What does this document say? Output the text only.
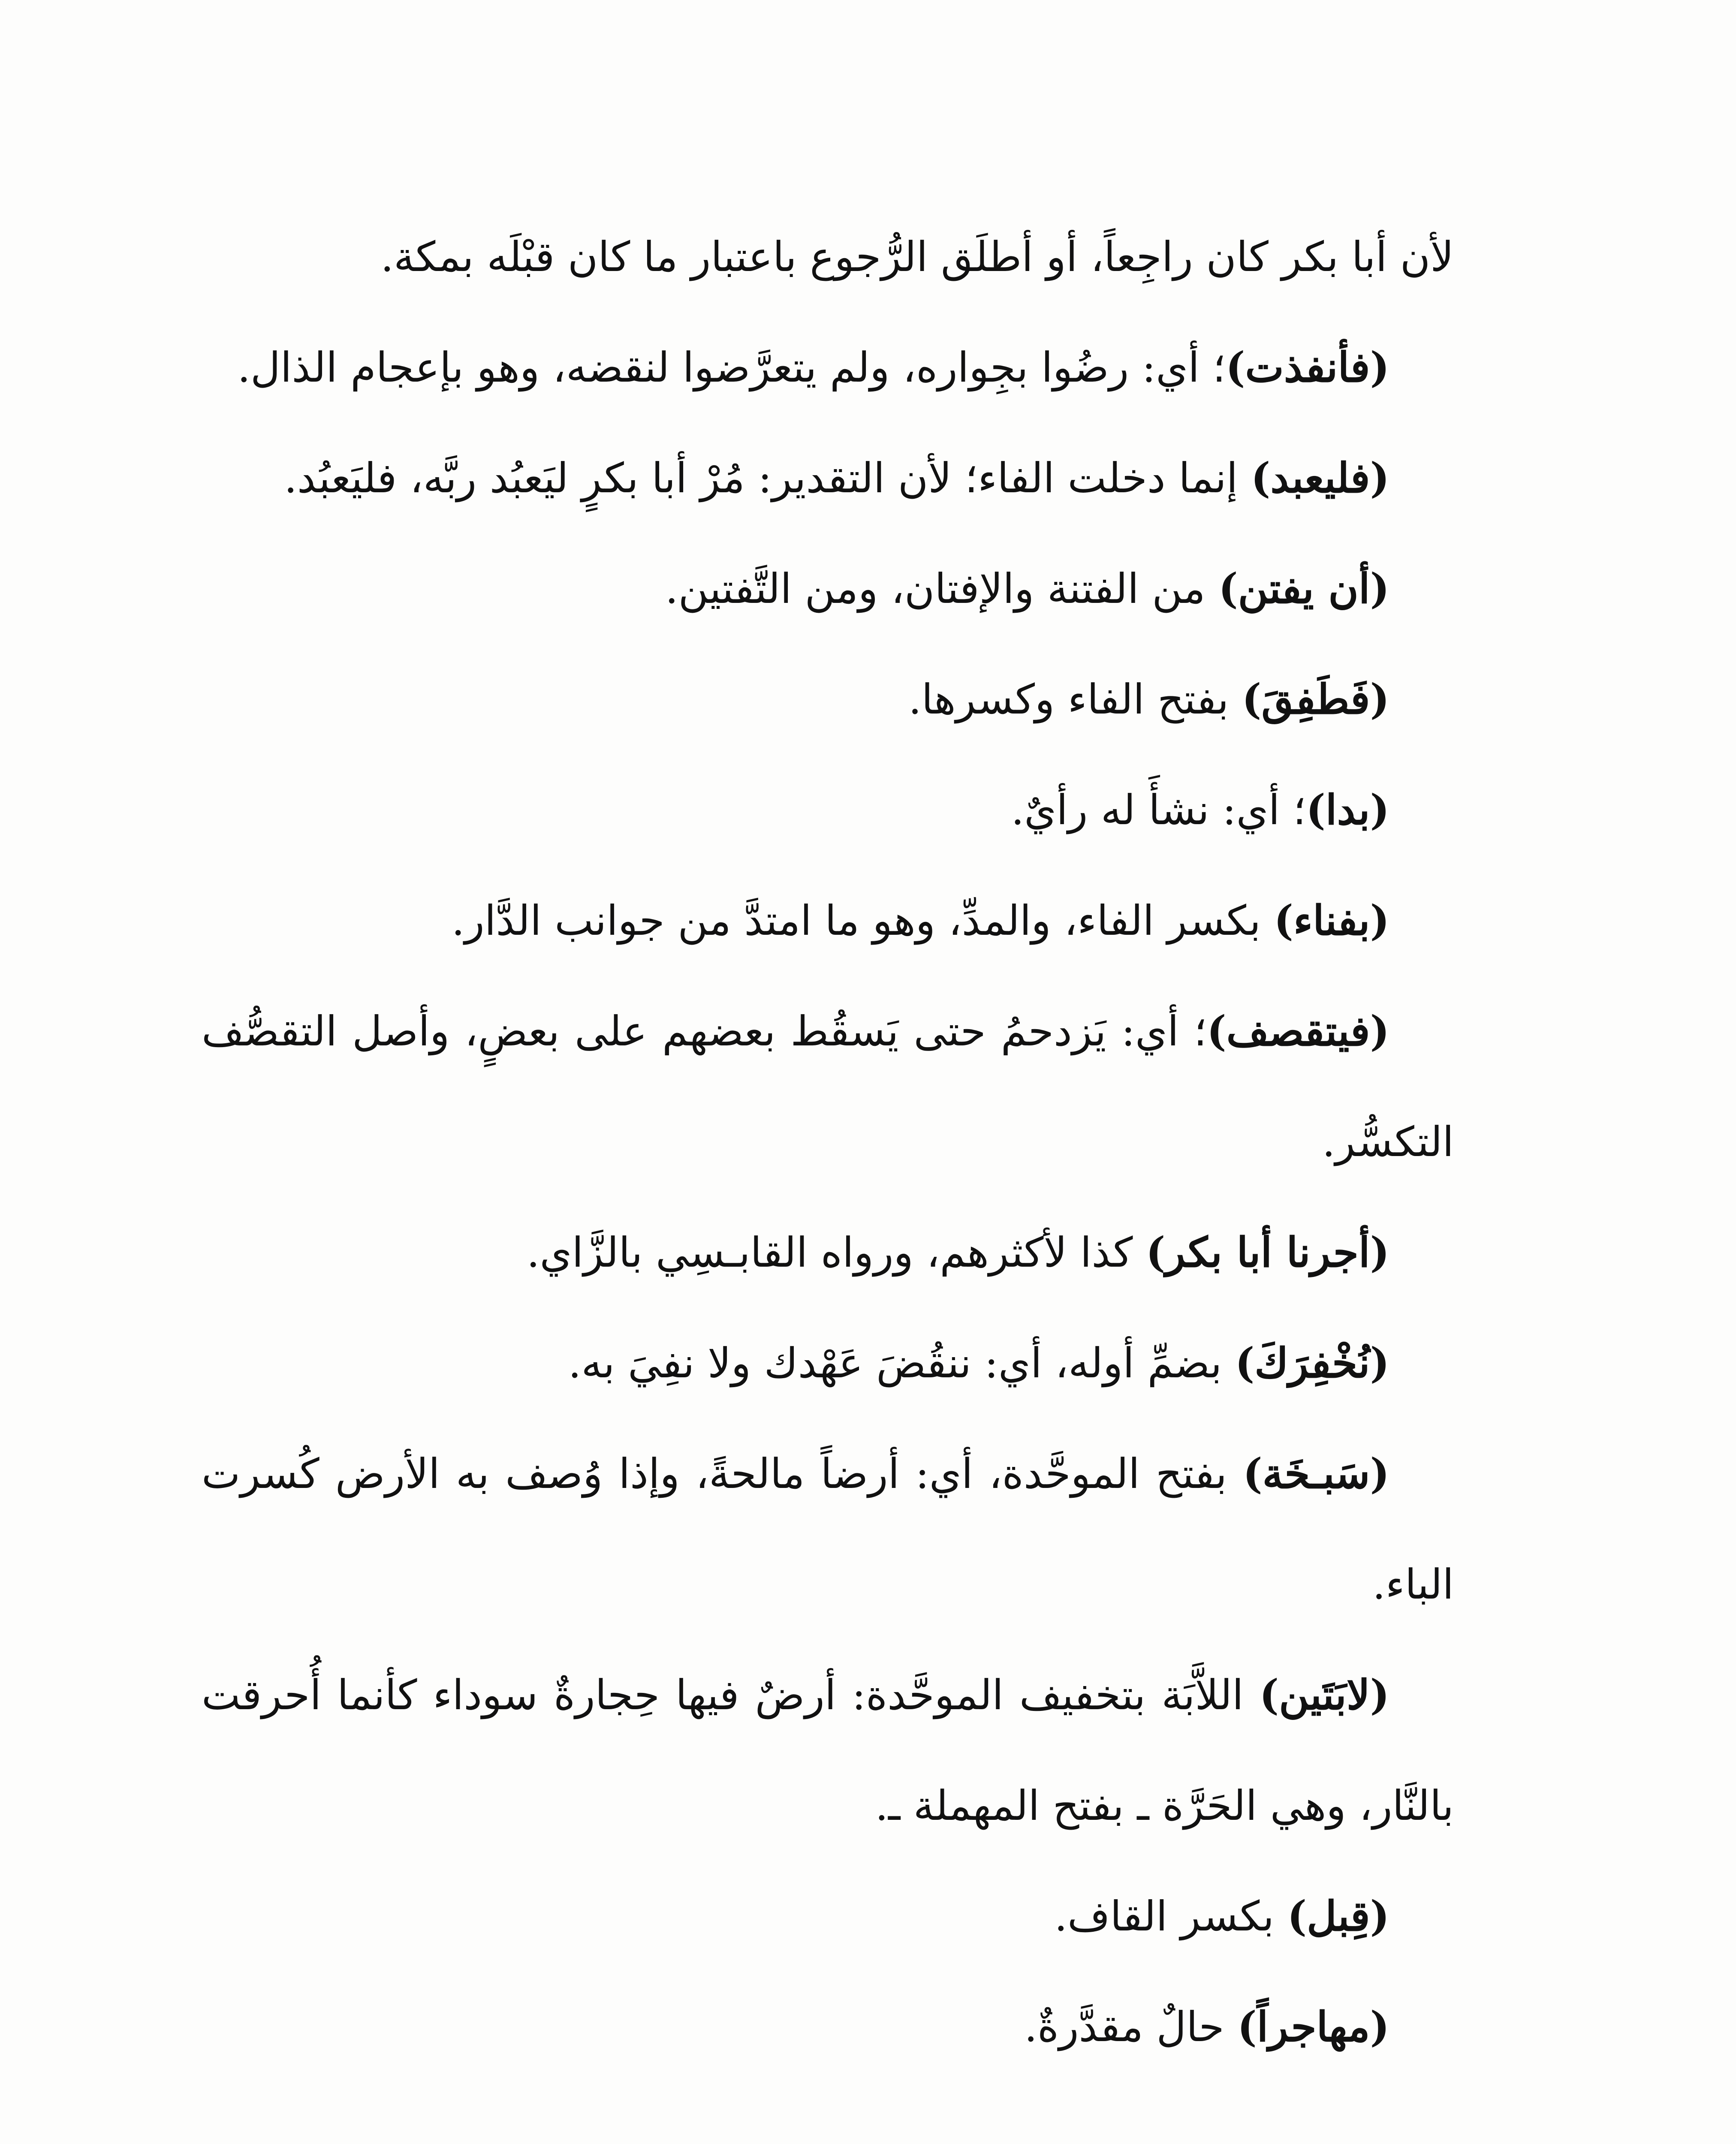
لأن أبا بكر كان راجِعاً، أو أطلَق الرُّجوع باعتبار ما كان قبْلَه بمكة.

(فأنفذت)؛ أي: رضُوا بجِواره، ولم يتعرَّضوا لنقضه، وهو بإعجام الذال.

(فليعبد) إنما دخلت الفاء؛ لأن التقدير: مُرْ أبا بكرٍ ليَعبُد ربَّه، فليَعبُد.

(أن يفتن) من الفتنة والإفتان، ومن التَّفتين.

(فَطَفِقَ) بفتح الفاء وكسرها.

(بدا)؛ أي: نشأَ له رأيٌ.

(بفناء) بكسر الفاء، والمدِّ، وهو ما امتدَّ من جوانب الدَّار.

(فيتقصف)؛ أي: يَزدحمُ حتى يَسقُط بعضهم على بعضٍ، وأصل التقصُّف التكسُّر.

(أجرنا أبا بكر) كذا لأكثرهم، ورواه القابـسِي بالزَّاي.

(نُخْفِرَكَ) بضمِّ أوله، أي: ننقُضَ عَهْدك ولا نفِيَ به.

(سَبـخَة) بفتح الموحَّدة، أي: أرضاً مالحةً، وإذا وُصف به الأرض كُسرت الباء.

(لابَتَين) اللاَّبَة بتخفيف الموحَّدة: أرضٌ فيها حِجارةٌ سوداء كأنما أُحرقت بالنَّار، وهي الحَرَّة ـ بفتح المهملة ـ.

(قِبل) بكسر القاف.

(مهاجراً) حالٌ مقدَّرةٌ.
